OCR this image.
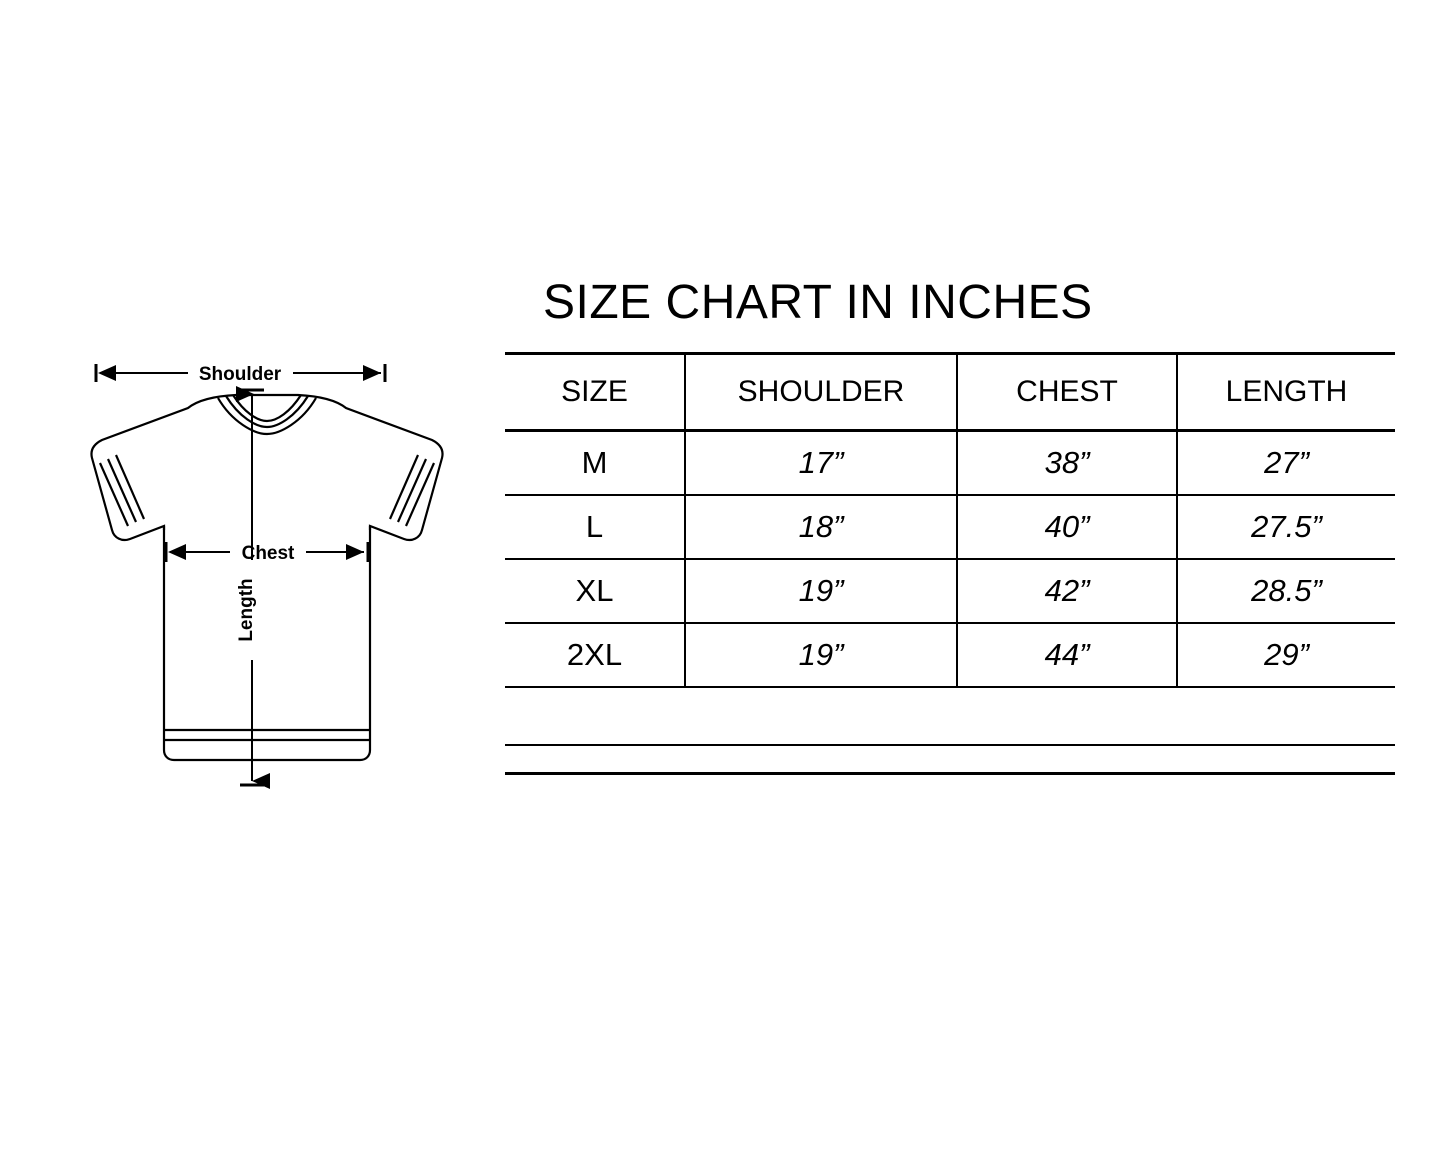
Shoulder
Chest
Length
SIZE CHART IN INCHES
SIZE	SHOULDER	CHEST	LENGTH
M	17”	38”	27”
L	18”	40”	27.5”
XL	19”	42”	28.5”
2XL	19”	44”	29”
